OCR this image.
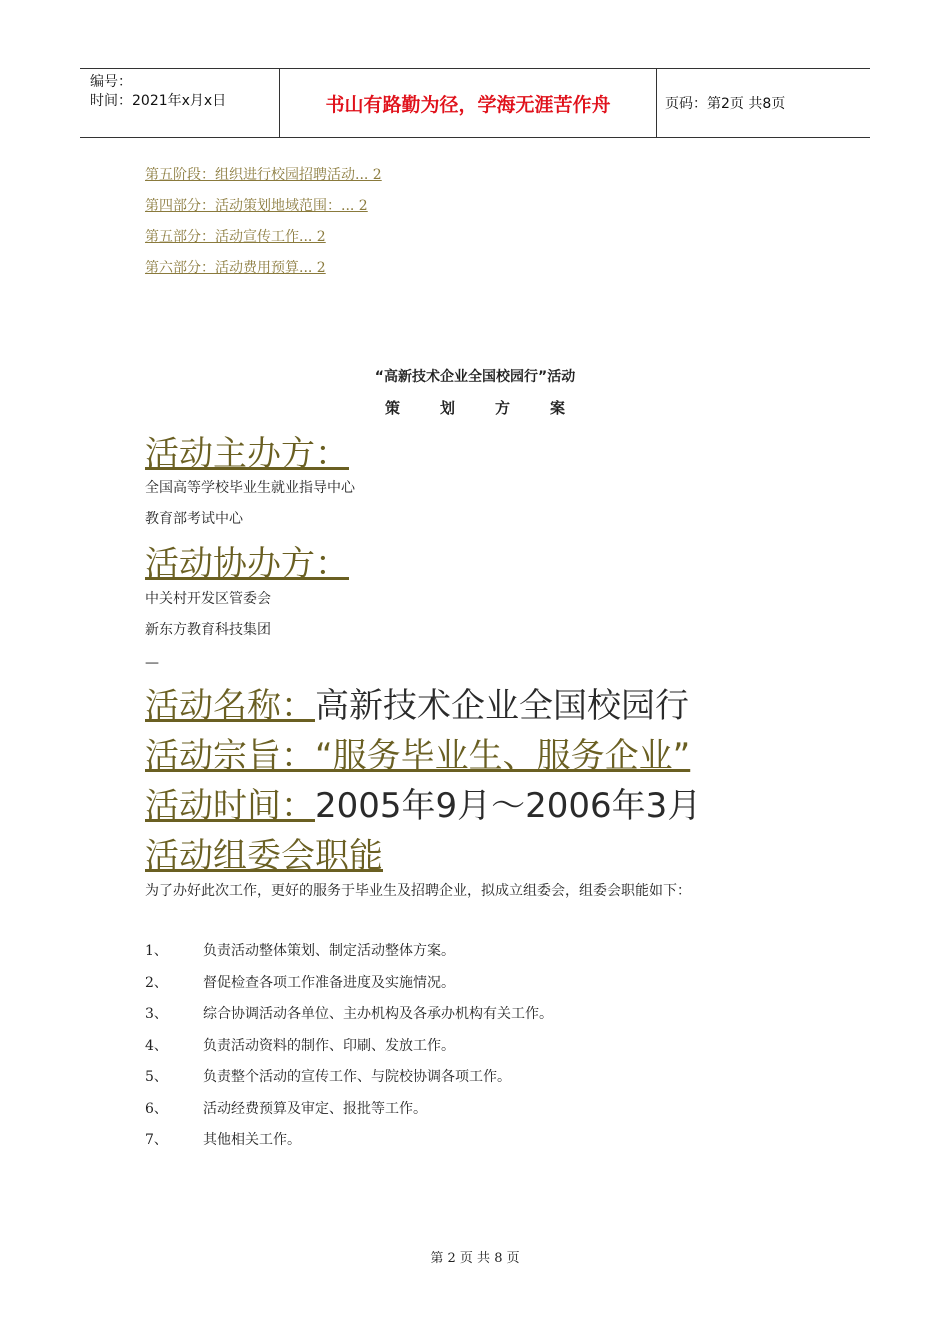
编号：
时间：2021年x月x日	书山有路勤为径，学海无涯苦作舟	页码：第2页 共8页
第五阶段：组织进行校园招聘活动... 2
第四部分：活动策划地域范围：... 2
第五部分：活动宣传工作... 2
第六部分：活动费用预算... 2
“高新技术企业全国校园行”活动
策划方案
活动主办方：
全国高等学校毕业生就业指导中心
教育部考试中心
活动协办方：
中关村开发区管委会
新东方教育科技集团
—
活动名称：高新技术企业全国校园行
活动宗旨：“服务毕业生、服务企业”
活动时间：2005年9月～2006年3月
活动组委会职能
为了办好此次工作，更好的服务于毕业生及招聘企业，拟成立组委会，组委会职能如下：
1、	负责活动整体策划、制定活动整体方案。
2、	督促检查各项工作准备进度及实施情况。
3、	综合协调活动各单位、主办机构及各承办机构有关工作。
4、	负责活动资料的制作、印刷、发放工作。
5、	负责整个活动的宣传工作、与院校协调各项工作。
6、	活动经费预算及审定、报批等工作。
7、	其他相关工作。
第 2 页 共 8 页
